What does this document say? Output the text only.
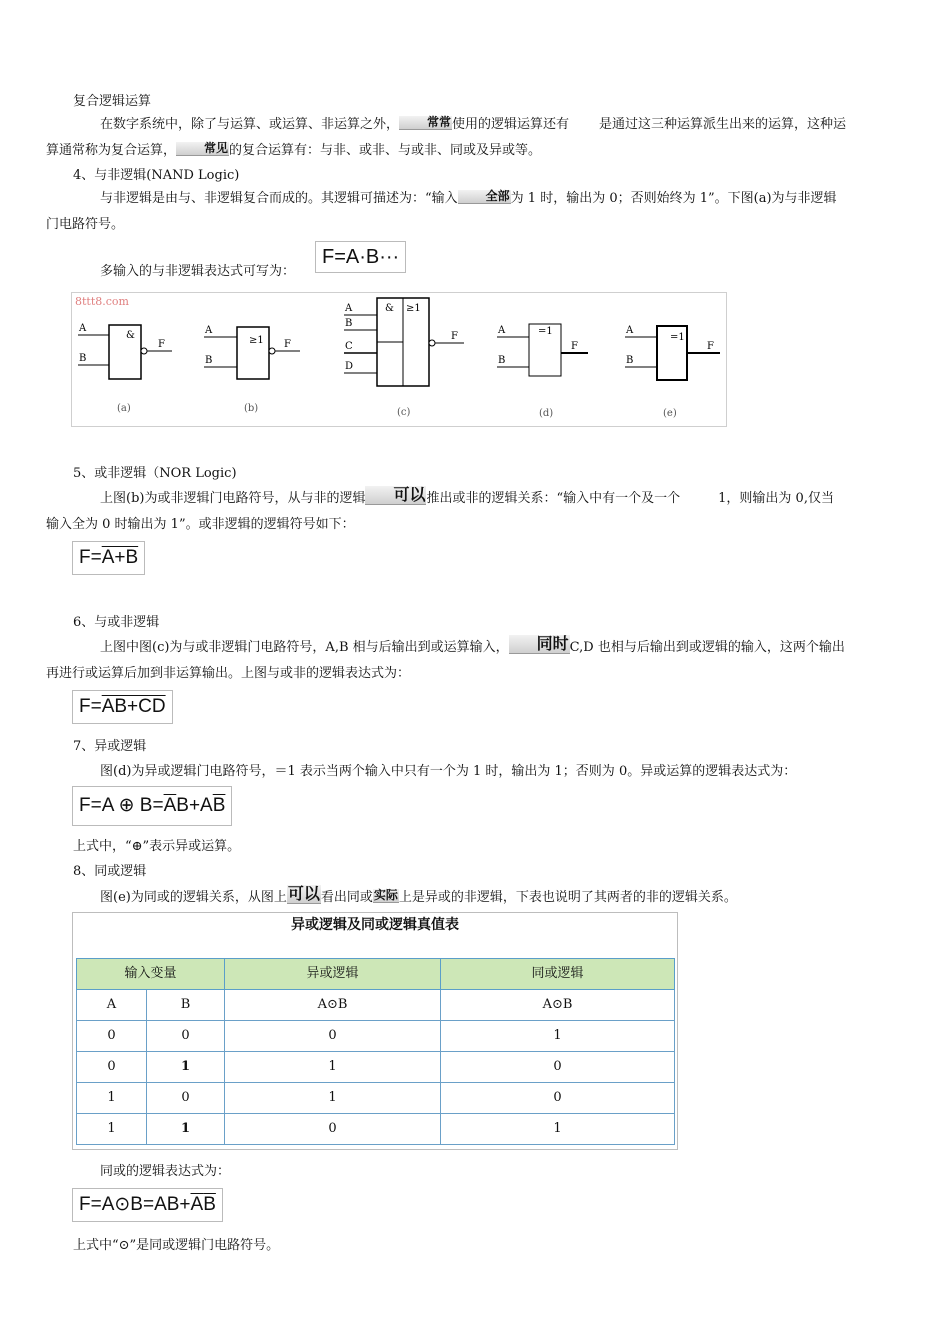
复合逻辑运算
在数字系统中，除了与运算、或运算、非运算之外， 常常使用的逻辑运算还有 是通过这三种运算派生出来的运算，这种运
算通常称为复合运算， 常见的复合运算有：与非、或非、与或非、同或及异或等。
4、与非逻辑(NAND Logic)
与非逻辑是由与、非逻辑复合而成的。其逻辑可描述为：“输入 全部为 1 时，输出为 0；否则始终为 1”。下图(a)为与非逻辑
门电路符号。
多输入的与非逻辑表达式可写为：
F=A·B···
8ttt8.com
A
B
&
F
(a)
A
B
≥1 F
(b)
A
B
C
D
& ≥1
F
(c)
A
B
=1
F
(d)
A
B
=1
F
(e)
5、或非逻辑（NOR Logic)
上图(b)为或非逻辑门电路符号，从与非的逻辑 可以推出或非的逻辑关系：“输入中有一个及一个	1，则输出为 0,仅当
输入全为 0 时输出为 1”。或非逻辑的逻辑符号如下：
F= A+B
6、与或非逻辑
上图中图(c)为与或非逻辑门电路符号，A,B 相与后输出到或运算输入， 同时C,D 也相与后输出到或逻辑的输入，这两个输出
再进行或运算后加到非运算输出。上图与或非的逻辑表达式为：
F= AB+CD
7、异或逻辑
图(d)为异或逻辑门电路符号，＝1 表示当两个输入中只有一个为 1 时，输出为 1；否则为 0。异或运算的逻辑表达式为：
F=A ⊕ $B= \overline{A}$ B+A $\overline{B}$
上式中，“⊕”表示异或运算。
8、同或逻辑
图(e)为同或的逻辑关系，从图上可以看出同或实际上是异或的非逻辑，下表也说明了其两者的非的逻辑关系。
异或逻辑及同或逻辑真值表
输入变量		异或逻辑	同或逻辑
A	B	A⊙B	A⊙B
0	0	0	1
0	1	1	0
1	0	1	0
1	1	0	1
同或的逻辑表达式为：
F=A⊙B=AB+ $\overline{A}$ $\overline{B}$
上式中“⊙”是同或逻辑门电路符号。
